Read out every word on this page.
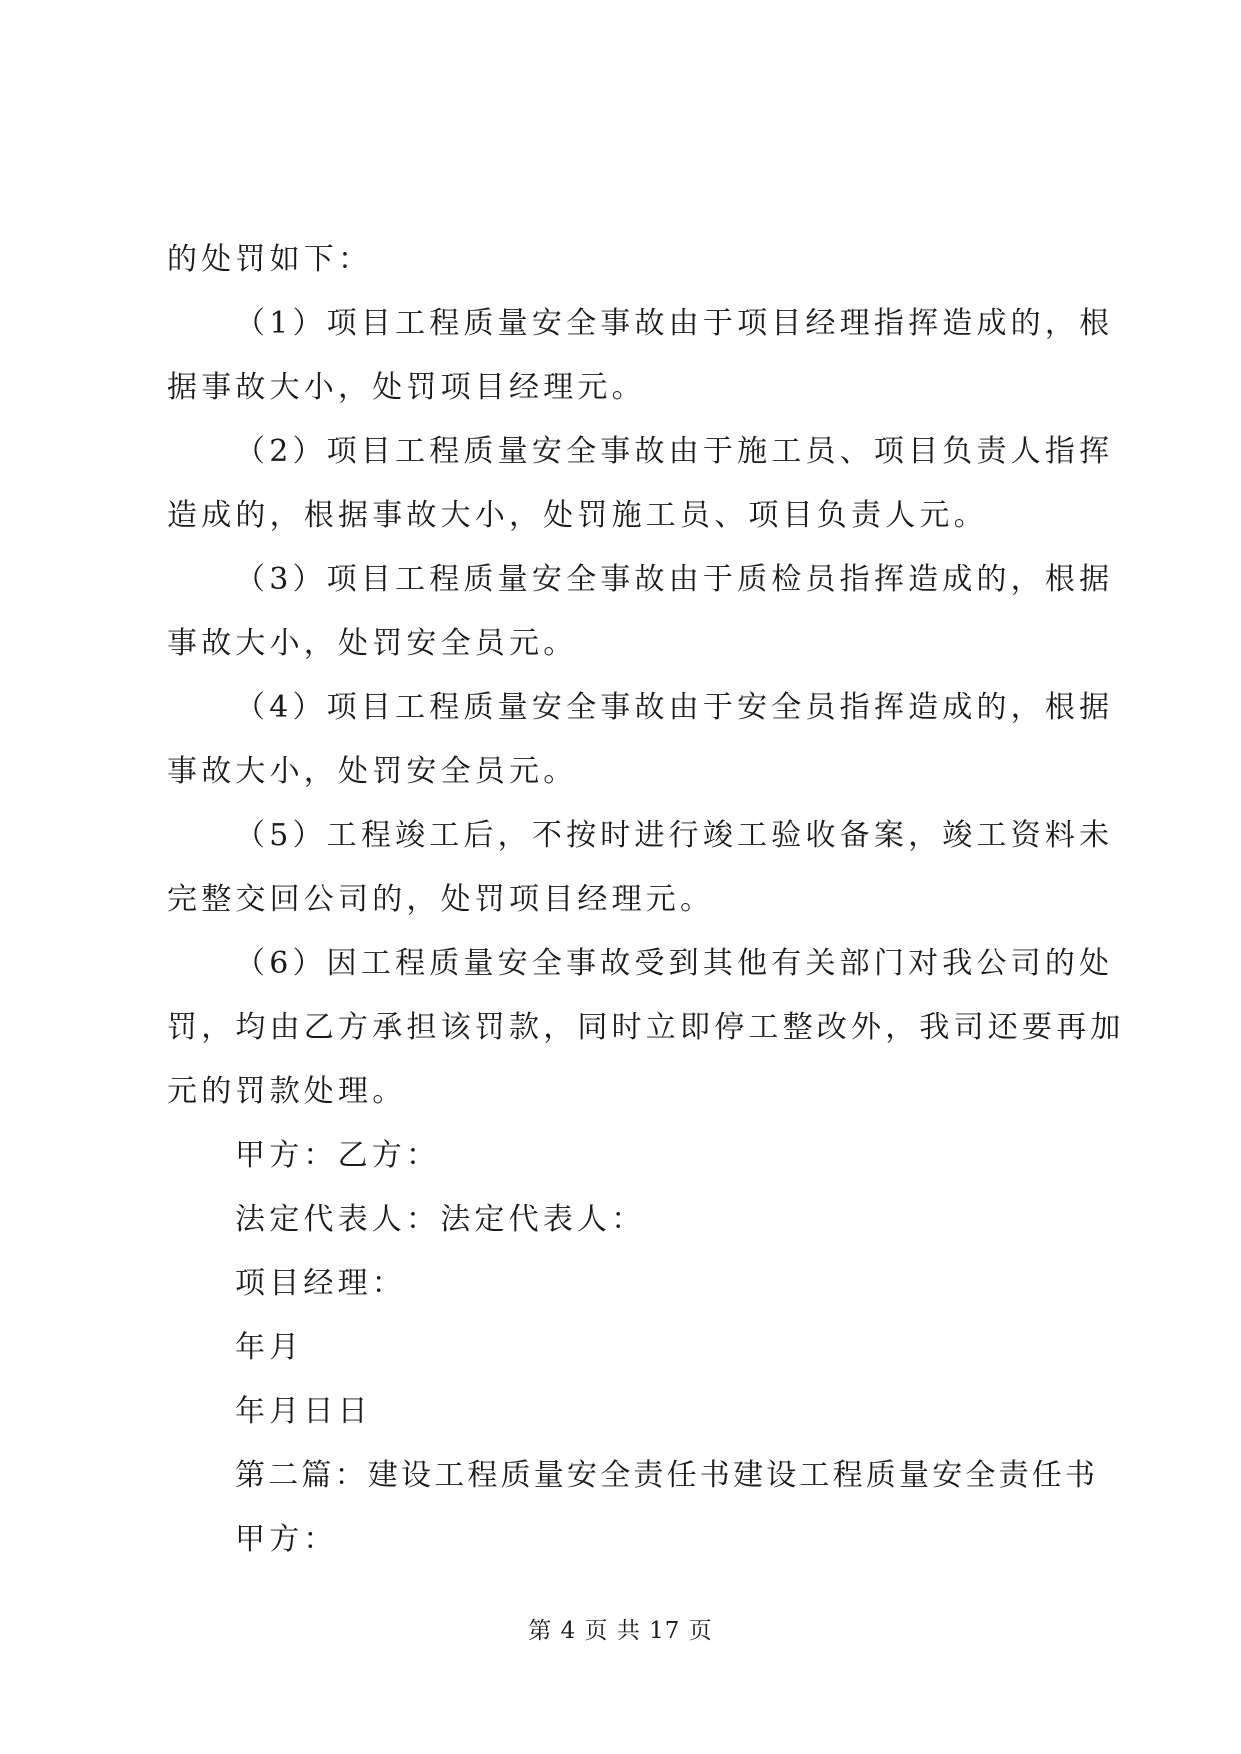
的处罚如下：
（1）项目工程质量安全事故由于项目经理指挥造成的，根
据事故大小，处罚项目经理元。
（2）项目工程质量安全事故由于施工员、项目负责人指挥
造成的，根据事故大小，处罚施工员、项目负责人元。
（3）项目工程质量安全事故由于质检员指挥造成的，根据
事故大小，处罚安全员元。
（4）项目工程质量安全事故由于安全员指挥造成的，根据
事故大小，处罚安全员元。
（5）工程竣工后，不按时进行竣工验收备案，竣工资料未
完整交回公司的，处罚项目经理元。
（6）因工程质量安全事故受到其他有关部门对我公司的处
罚，均由乙方承担该罚款，同时立即停工整改外，我司还要再加
元的罚款处理。
甲方：乙方：
法定代表人：法定代表人：
项目经理：
年月
年月日日
第二篇：建设工程质量安全责任书建设工程质量安全责任书
甲方：
第 4 页 共 17 页
